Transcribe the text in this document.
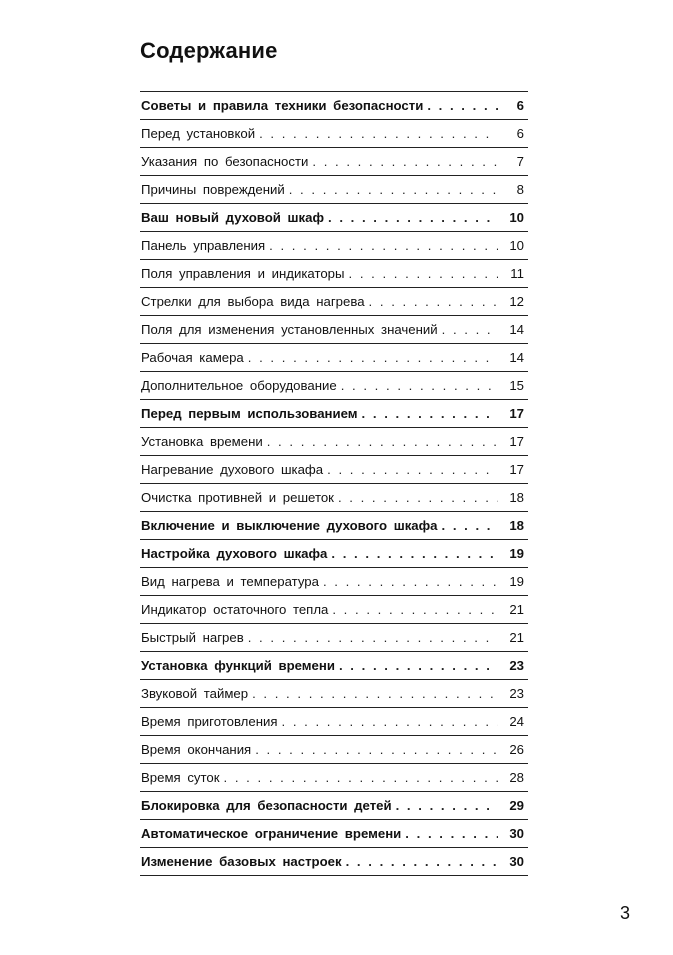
Содержание
Советы и правила техники безопасности . . .	6
Перед установкой . . .	6
Указания по безопасности . . .	7
Причины повреждений . . .	8
Ваш новый духовой шкаф . . .	10
Панель управления . . .	10
Поля управления и индикаторы . . .	11
Стрелки для выбора вида нагрева . . .	12
Поля для изменения установленных значений . . .	14
Рабочая камера . . .	14
Дополнительное оборудование . . .	15
Перед первым использованием . . .	17
Установка времени . . .	17
Нагревание духового шкафа . . .	17
Очистка противней и решеток . . .	18
Включение и выключение духового шкафа . . .	18
Настройка духового шкафа . . .	19
Вид нагрева и температура . . .	19
Индикатор остаточного тепла . . .	21
Быстрый нагрев . . .	21
Установка функций времени . . .	23
Звуковой таймер . . .	23
Время приготовления . . .	24
Время окончания . . .	26
Время суток . . .	28
Блокировка для безопасности детей . . .	29
Автоматическое ограничение времени . . .	30
Изменение базовых настроек . . .	30

3
